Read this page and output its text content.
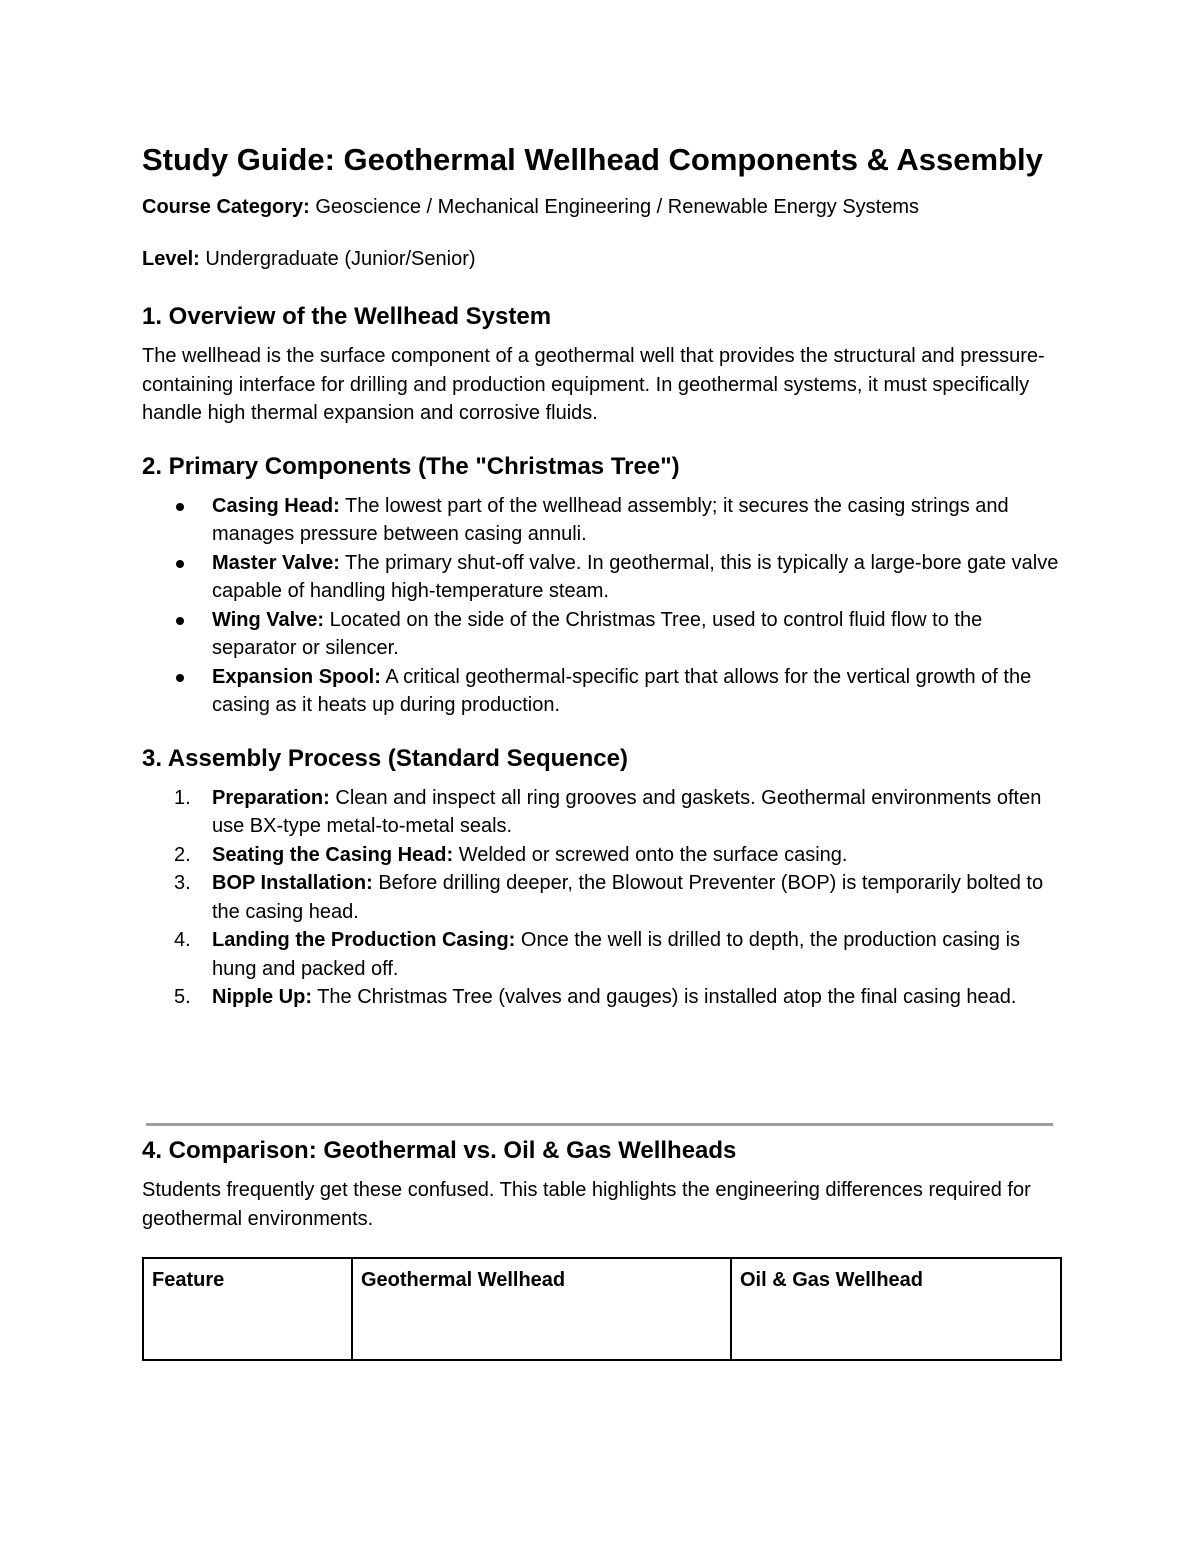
Study Guide: Geothermal Wellhead Components & Assembly

Course Category: Geoscience / Mechanical Engineering / Renewable Energy Systems

Level: Undergraduate (Junior/Senior)

1. Overview of the Wellhead System

The wellhead is the surface component of a geothermal well that provides the structural and pressure-containing interface for drilling and production equipment. In geothermal systems, it must specifically handle high thermal expansion and corrosive fluids.

2. Primary Components (The "Christmas Tree")
Casing Head: The lowest part of the wellhead assembly; it secures the casing strings and manages pressure between casing annuli.
Master Valve: The primary shut-off valve. In geothermal, this is typically a large-bore gate valve capable of handling high-temperature steam.
Wing Valve: Located on the side of the Christmas Tree, used to control fluid flow to the separator or silencer.
Expansion Spool: A critical geothermal-specific part that allows for the vertical growth of the casing as it heats up during production.
3. Assembly Process (Standard Sequence)
1. Preparation: Clean and inspect all ring grooves and gaskets. Geothermal environments often use BX-type metal-to-metal seals.
2. Seating the Casing Head: Welded or screwed onto the surface casing.
3. BOP Installation: Before drilling deeper, the Blowout Preventer (BOP) is temporarily bolted to the casing head.
4. Landing the Production Casing: Once the well is drilled to depth, the production casing is hung and packed off.
5. Nipple Up: The Christmas Tree (valves and gauges) is installed atop the final casing head.
4. Comparison: Geothermal vs. Oil & Gas Wellheads

Students frequently get these confused. This table highlights the engineering differences required for geothermal environments.

Feature	Geothermal Wellhead	Oil & Gas Wellhead
